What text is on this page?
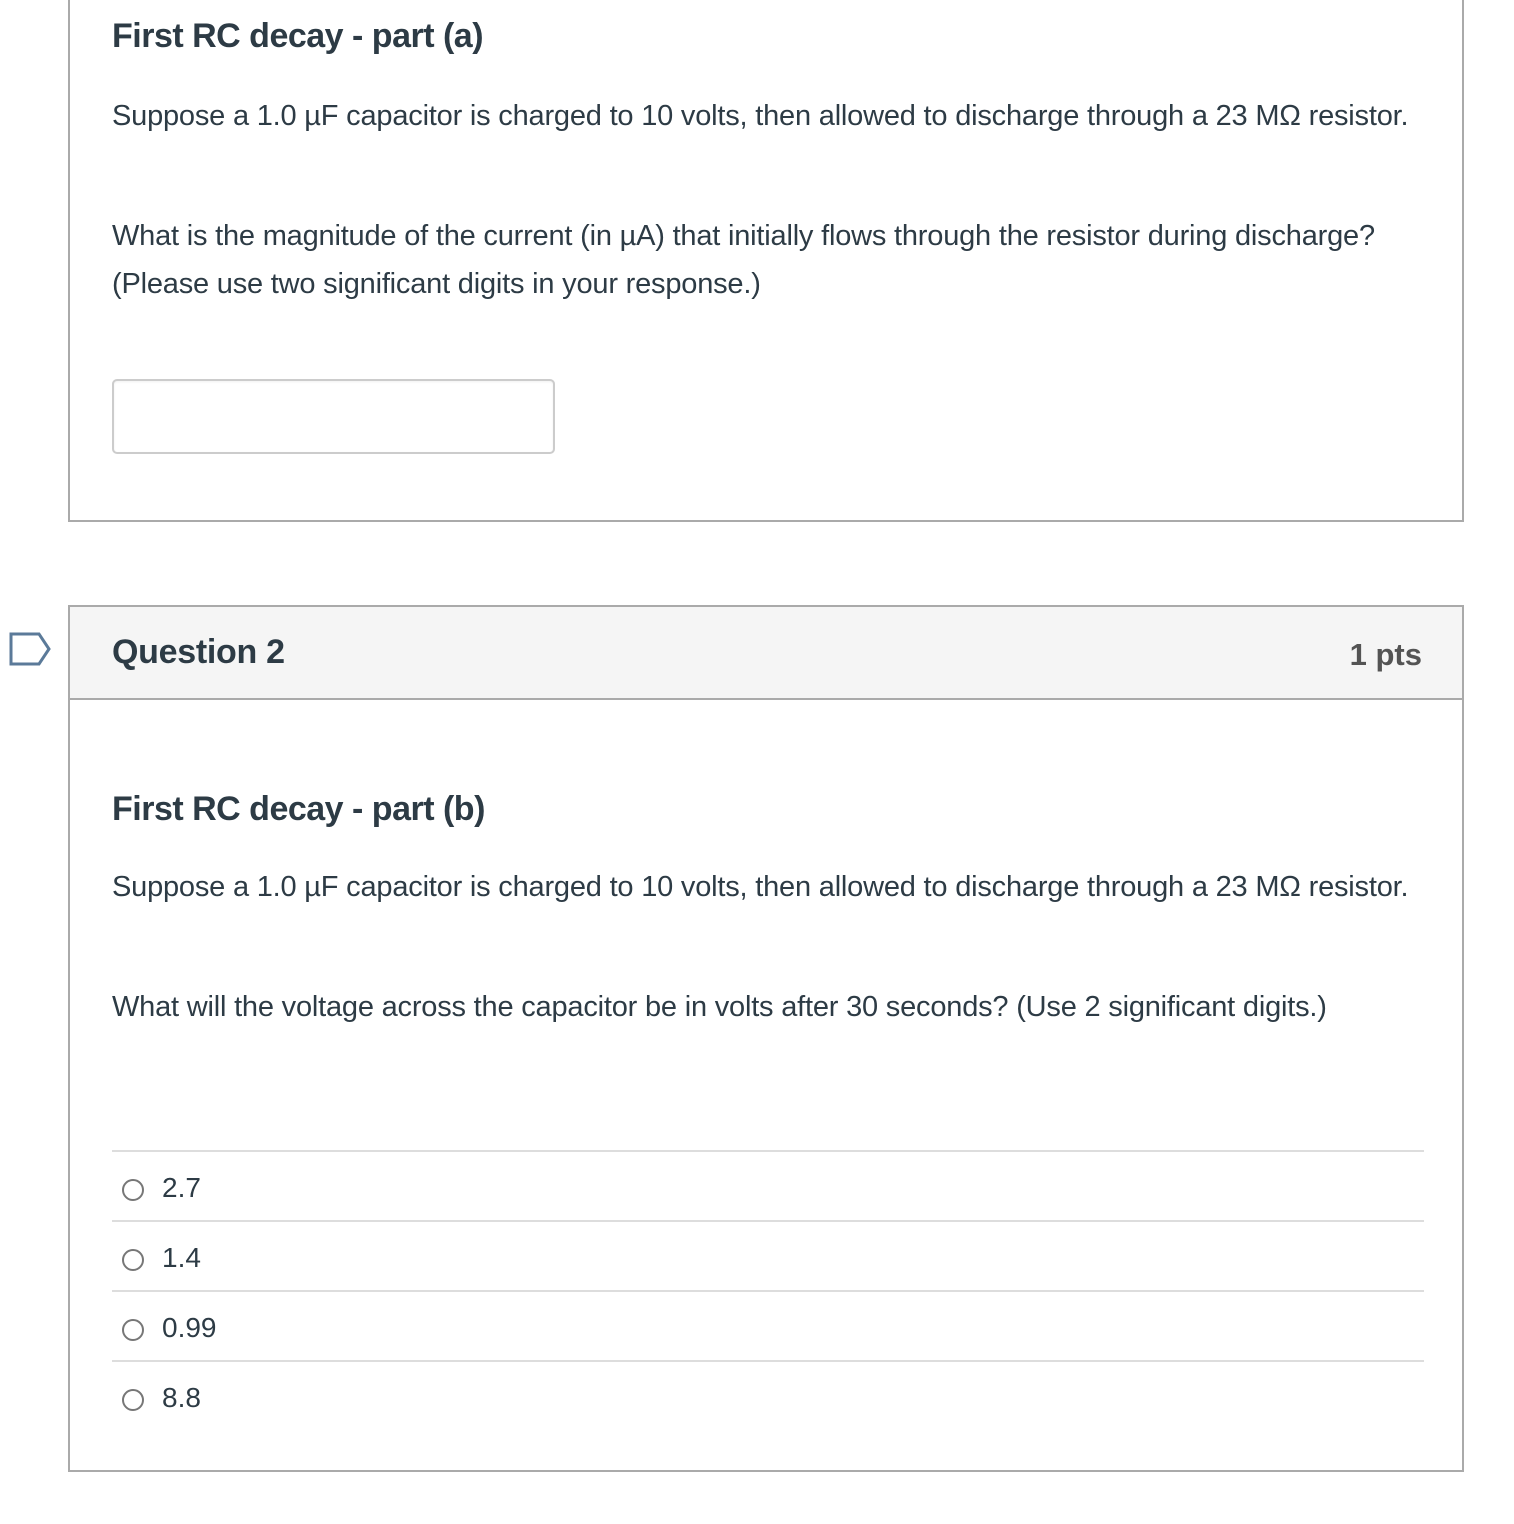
First RC decay - part (a)
Suppose a 1.0 µF capacitor is charged to 10 volts, then allowed to discharge through a 23 MΩ resistor.
What is the magnitude of the current (in µA) that initially flows through the resistor during discharge? (Please use two significant digits in your response.)
Question 2	1 pts
First RC decay - part (b)
Suppose a 1.0 µF capacitor is charged to 10 volts, then allowed to discharge through a 23 MΩ resistor.
What will the voltage across the capacitor be in volts after 30 seconds? (Use 2 significant digits.)
2.7
1.4
0.99
8.8
